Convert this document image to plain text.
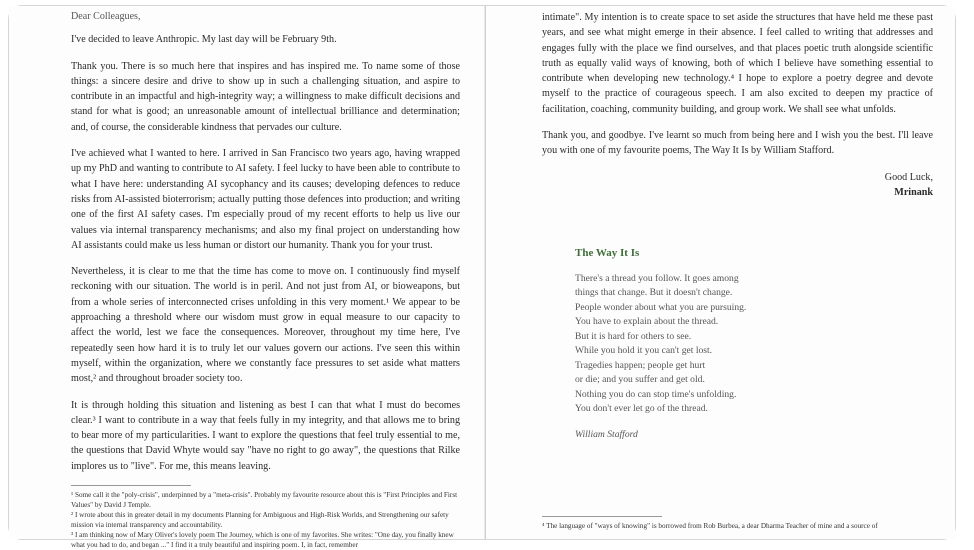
Dear Colleagues,

I've decided to leave Anthropic. My last day will be February 9th.

Thank you. There is so much here that inspires and has inspired me. To name some of those things: a sincere desire and drive to show up in such a challenging situation, and aspire to contribute in an impactful and high-integrity way; a willingness to make difficult decisions and stand for what is good; an unreasonable amount of intellectual brilliance and determination; and, of course, the considerable kindness that pervades our culture.

I've achieved what I wanted to here. I arrived in San Francisco two years ago, having wrapped up my PhD and wanting to contribute to AI safety. I feel lucky to have been able to contribute to what I have here: understanding AI sycophancy and its causes; developing defences to reduce risks from AI-assisted bioterrorism; actually putting those defences into production; and writing one of the first AI safety cases. I'm especially proud of my recent efforts to help us live our values via internal transparency mechanisms; and also my final project on understanding how AI assistants could make us less human or distort our humanity. Thank you for your trust.

Nevertheless, it is clear to me that the time has come to move on. I continuously find myself reckoning with our situation. The world is in peril. And not just from AI, or bioweapons, but from a whole series of interconnected crises unfolding in this very moment.¹ We appear to be approaching a threshold where our wisdom must grow in equal measure to our capacity to affect the world, lest we face the consequences. Moreover, throughout my time here, I've repeatedly seen how hard it is to truly let our values govern our actions. I've seen this within myself, within the organization, where we constantly face pressures to set aside what matters most,² and throughout broader society too.

It is through holding this situation and listening as best I can that what I must do becomes clear.³ I want to contribute in a way that feels fully in my integrity, and that allows me to bring to bear more of my particularities. I want to explore the questions that feel truly essential to me, the questions that David Whyte would say "have no right to go away", the questions that Rilke implores us to "live". For me, this means leaving.

¹ Some call it the "poly-crisis", underpinned by a "meta-crisis". Probably my favourite resource about this is "First Principles and First Values" by David J Temple.

² I wrote about this in greater detail in my documents Planning for Ambiguous and High-Risk Worlds, and Strengthening our safety mission via internal transparency and accountability.

³ I am thinking now of Mary Oliver's lovely poem The Journey, which is one of my favorites. She writes: "One day, you finally knew what you had to do, and began ..." I find it a truly beautiful and inspiring poem. I, in fact, remember

intimate". My intention is to create space to set aside the structures that have held me these past years, and see what might emerge in their absence. I feel called to writing that addresses and engages fully with the place we find ourselves, and that places poetic truth alongside scientific truth as equally valid ways of knowing, both of which I believe have something essential to contribute when developing new technology.⁴ I hope to explore a poetry degree and devote myself to the practice of courageous speech. I am also excited to deepen my practice of facilitation, coaching, community building, and group work. We shall see what unfolds.

Thank you, and goodbye. I've learnt so much from being here and I wish you the best. I'll leave you with one of my favourite poems, The Way It Is by William Stafford.

Good Luck,

Mrinank

The Way It Is

There's a thread you follow. It goes among

things that change. But it doesn't change.

People wonder about what you are pursuing.

You have to explain about the thread.

But it is hard for others to see.

While you hold it you can't get lost.

Tragedies happen; people get hurt

or die; and you suffer and get old.

Nothing you do can stop time's unfolding.

You don't ever let go of the thread.

William Stafford

⁴ The language of "ways of knowing" is borrowed from Rob Burbea, a dear Dharma Teacher of mine and a source of
